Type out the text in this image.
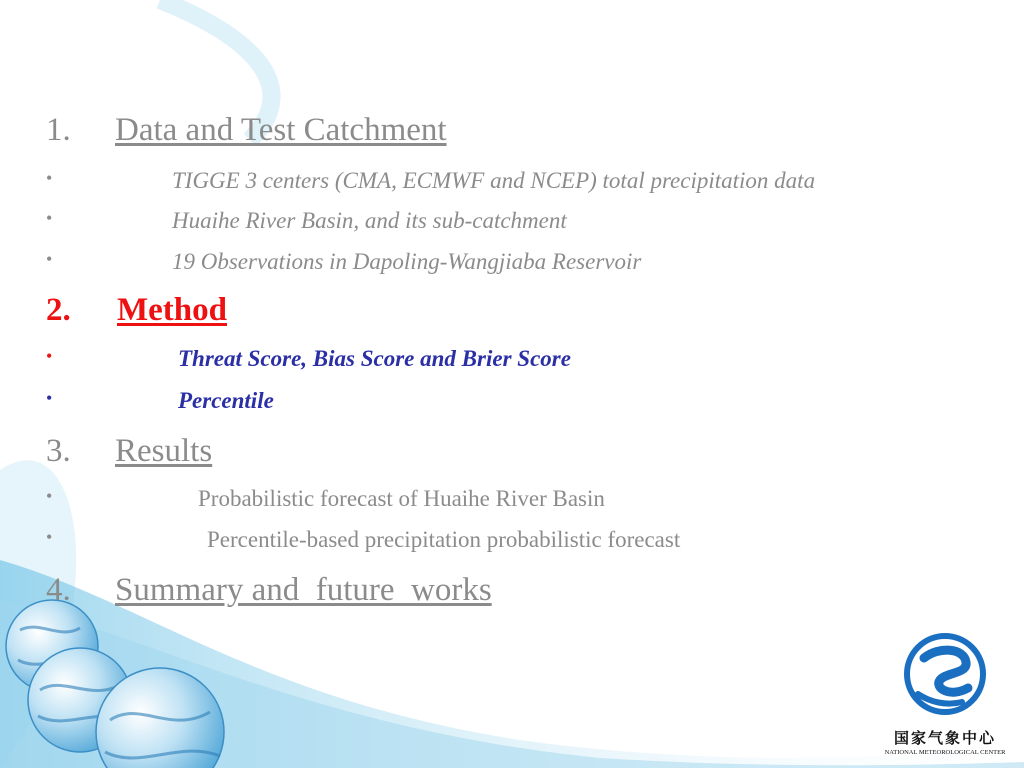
1. Data and Test Catchment
•	TIGGE 3 centers (CMA, ECMWF and NCEP) total precipitation data
•	Huaihe River Basin, and its sub-catchment
•	19 Observations in Dapoling-Wangjiaba Reservoir
2. Method
•	Threat Score, Bias Score and Brier Score
•	Percentile
3. Results
•	Probabilistic forecast of Huaihe River Basin
•	Percentile-based precipitation probabilistic forecast
4. Summary and  future  works
国家气象中心
NATIONAL METEOROLOGICAL CENTER
